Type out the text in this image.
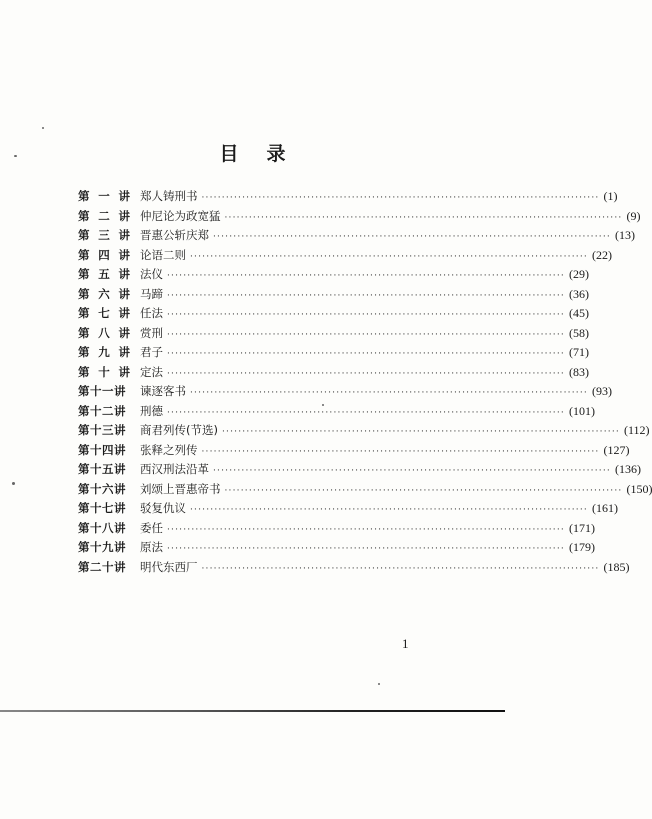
目录
第 一 讲 郑人铸刑书 ·································································································· (1)
第 二 讲 仲尼论为政宽猛 ·································································································· (9)
第 三 讲 晋惠公斩庆郑 ·································································································· (13)
第 四 讲 论语二则 ·································································································· (22)
第 五 讲 法仪 ·································································································· (29)
第 六 讲 马蹄 ·································································································· (36)
第 七 讲 任法 ·································································································· (45)
第 八 讲 赏刑 ·································································································· (58)
第 九 讲 君子 ·································································································· (71)
第 十 讲 定法 ·································································································· (83)
第十一讲	谏逐客书 ·································································································· (93)
第十二讲	刑德 ·································································································· (101)
第十三讲	商君列传(节选) ·································································································· (112)
第十四讲	张释之列传 ·································································································· (127)
第十五讲	西汉刑法沿革 ·································································································· (136)
第十六讲	刘颂上晋惠帝书 ·································································································· (150)
第十七讲	驳复仇议 ·································································································· (161)
第十八讲	委任 ·································································································· (171)
第十九讲	原法 ·································································································· (179)
第二十讲	明代东西厂 ·································································································· (185)
1
